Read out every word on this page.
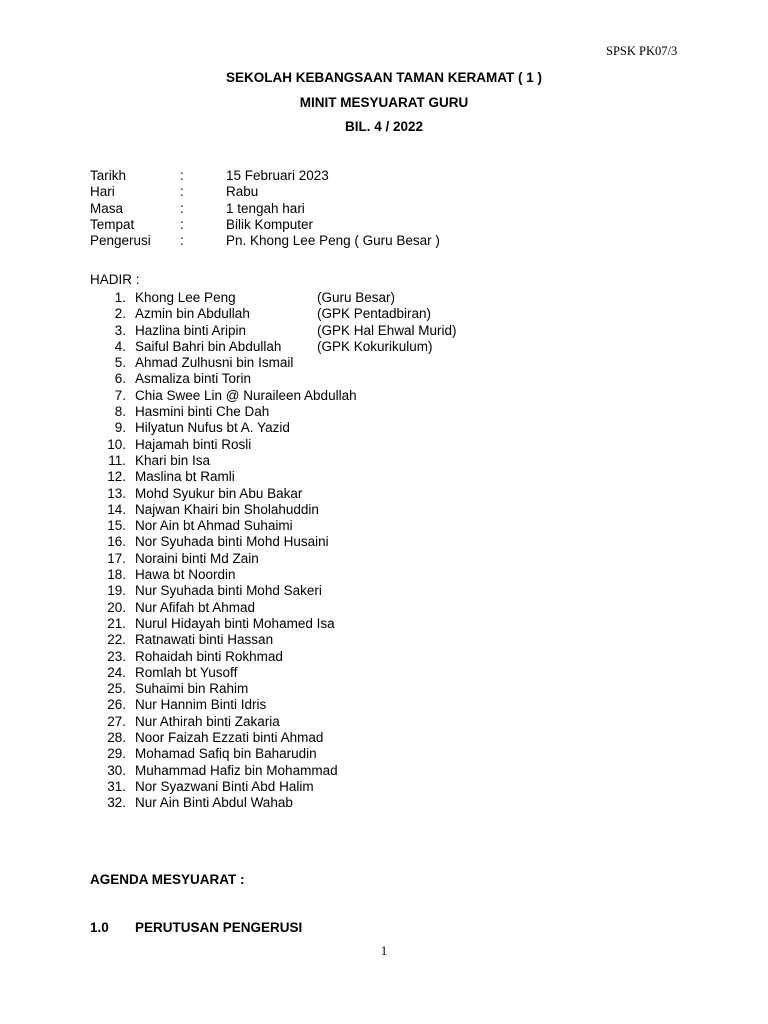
SPSK PK07/3
SEKOLAH KEBANGSAAN TAMAN KERAMAT ( 1 )
MINIT MESYUARAT GURU
BIL. 4 / 2022
Tarikh	:	15 Februari 2023
Hari	:	Rabu
Masa	:	1 tengah hari
Tempat	:	Bilik Komputer
Pengerusi :	Pn. Khong Lee Peng ( Guru Besar )
HADIR :
1. Khong Lee Peng	(Guru Besar)
2. Azmin bin Abdullah	(GPK Pentadbiran)
3. Hazlina binti Aripin	(GPK Hal Ehwal Murid)
4. Saiful Bahri bin Abdullah	(GPK Kokurikulum)
5. Ahmad Zulhusni bin Ismail
6. Asmaliza binti Torin
7. Chia Swee Lin @ Nuraileen Abdullah
8. Hasmini binti Che Dah
9. Hilyatun Nufus bt A. Yazid
10. Hajamah binti Rosli
11. Khari bin Isa
12. Maslina bt Ramli
13. Mohd Syukur bin Abu Bakar
14. Najwan Khairi bin Sholahuddin
15. Nor Ain bt Ahmad Suhaimi
16. Nor Syuhada binti Mohd Husaini
17. Noraini binti Md Zain
18. Hawa bt Noordin
19. Nur Syuhada binti Mohd Sakeri
20. Nur Afifah bt Ahmad
21. Nurul Hidayah binti Mohamed Isa
22. Ratnawati binti Hassan
23. Rohaidah binti Rokhmad
24. Romlah bt Yusoff
25. Suhaimi bin Rahim
26. Nur Hannim Binti Idris
27. Nur Athirah binti Zakaria
28. Noor Faizah Ezzati binti Ahmad
29. Mohamad Safiq bin Baharudin
30. Muhammad Hafiz bin Mohammad
31. Nor Syazwani Binti Abd Halim
32. Nur Ain Binti Abdul Wahab
AGENDA MESYUARAT :
1.0 PERUTUSAN PENGERUSI
1
